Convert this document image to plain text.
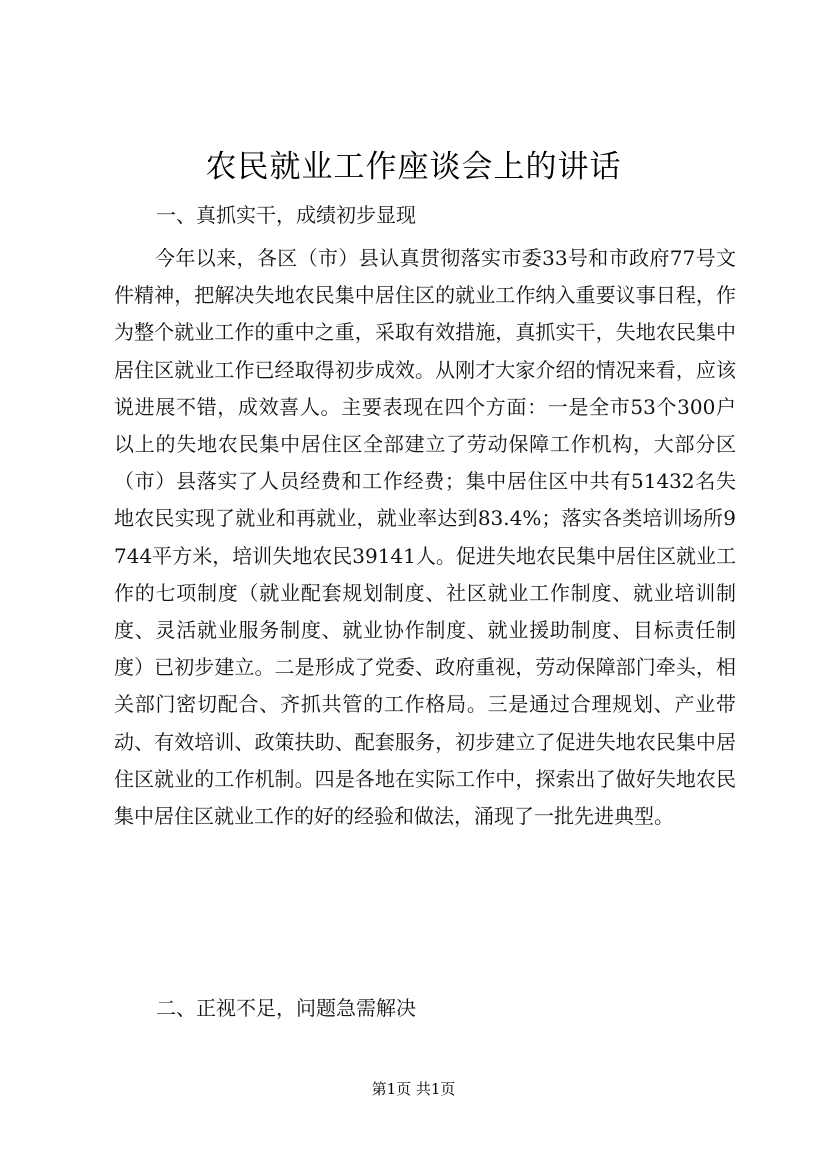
农民就业工作座谈会上的讲话
一、真抓实干，成绩初步显现

今年以来，各区（市）县认真贯彻落实市委33号和市政府77号文件精神，把解决失地农民集中居住区的就业工作纳入重要议事日程，作为整个就业工作的重中之重，采取有效措施，真抓实干，失地农民集中居住区就业工作已经取得初步成效。从刚才大家介绍的情况来看，应该说进展不错，成效喜人。主要表现在四个方面：一是全市53个300户以上的失地农民集中居住区全部建立了劳动保障工作机构，大部分区（市）县落实了人员经费和工作经费；集中居住区中共有51432名失地农民实现了就业和再就业，就业率达到83.4%；落实各类培训场所9744平方米，培训失地农民39141人。促进失地农民集中居住区就业工作的七项制度（就业配套规划制度、社区就业工作制度、就业培训制度、灵活就业服务制度、就业协作制度、就业援助制度、目标责任制度）已初步建立。二是形成了党委、政府重视，劳动保障部门牵头，相关部门密切配合、齐抓共管的工作格局。三是通过合理规划、产业带动、有效培训、政策扶助、配套服务，初步建立了促进失地农民集中居住区就业的工作机制。四是各地在实际工作中，探索出了做好失地农民集中居住区就业工作的好的经验和做法，涌现了一批先进典型。

二、正视不足，问题急需解决
第1页 共1页
